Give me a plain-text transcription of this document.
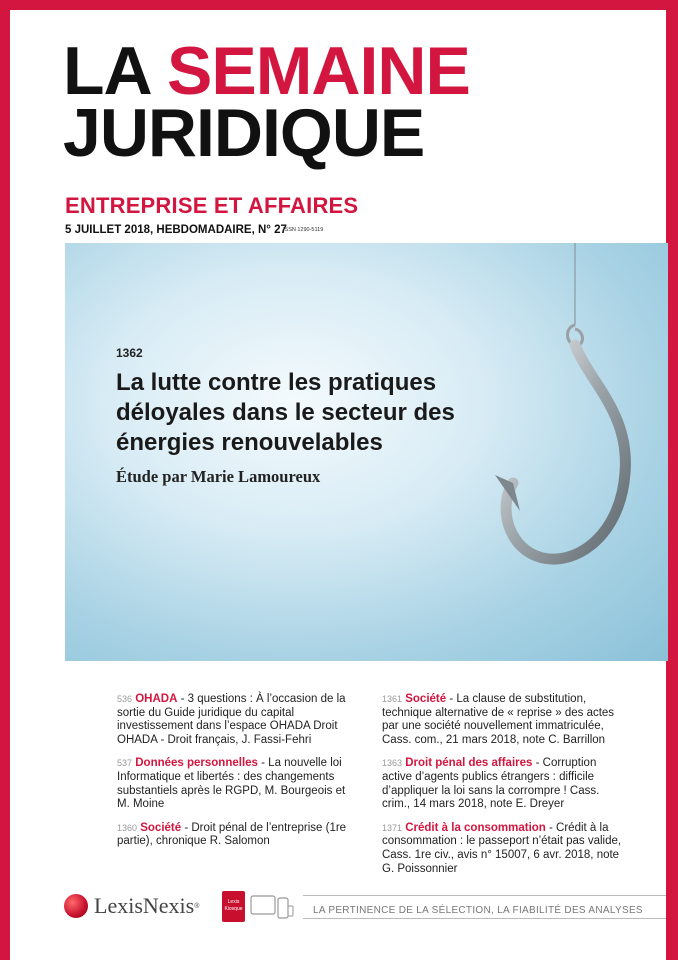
LA SEMAINE
JURIDIQUE
ENTREPRISE ET AFFAIRES
5 JUILLET 2018, HEBDOMADAIRE, N° 27
ISSN 1290-5119
1362
La lutte contre les pratiques déloyales dans le secteur des énergies renouvelables
Étude par Marie Lamoureux
536 OHADA - 3 questions : À l’occasion de la sortie du Guide juridique du capital investissement dans l’espace OHADA Droit OHADA - Droit français, J. Fassi-Fehri
537 Données personnelles - La nouvelle loi Informatique et libertés : des changements substantiels après le RGPD, M. Bourgeois et M. Moine
1360 Société - Droit pénal de l’entreprise (1re partie), chronique R. Salomon
1361 Société - La clause de substitution, technique alternative de « reprise » des actes par une société nouvellement immatriculée, Cass. com., 21 mars 2018, note C. Barrillon
1363 Droit pénal des affaires - Corruption active d’agents publics étrangers : difficile d’appliquer la loi sans la corrompre ! Cass. crim., 14 mars 2018, note E. Dreyer
1371 Crédit à la consommation - Crédit à la consommation : le passeport n’était pas valide, Cass. 1re civ., avis n° 15007, 6 avr. 2018, note G. Poissonnier
LexisNexis ®
Lexis
Kiosque	LA PERTINENCE DE LA SÉLECTION, LA FIABILITÉ DES ANALYSES
